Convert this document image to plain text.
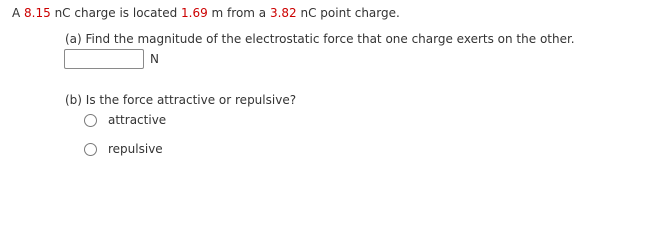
A 8.15 nC charge is located 1.69 m from a 3.82 nC point charge.
(a) Find the magnitude of the electrostatic force that one charge exerts on the other.
N
(b) Is the force attractive or repulsive?
attractive
repulsive
